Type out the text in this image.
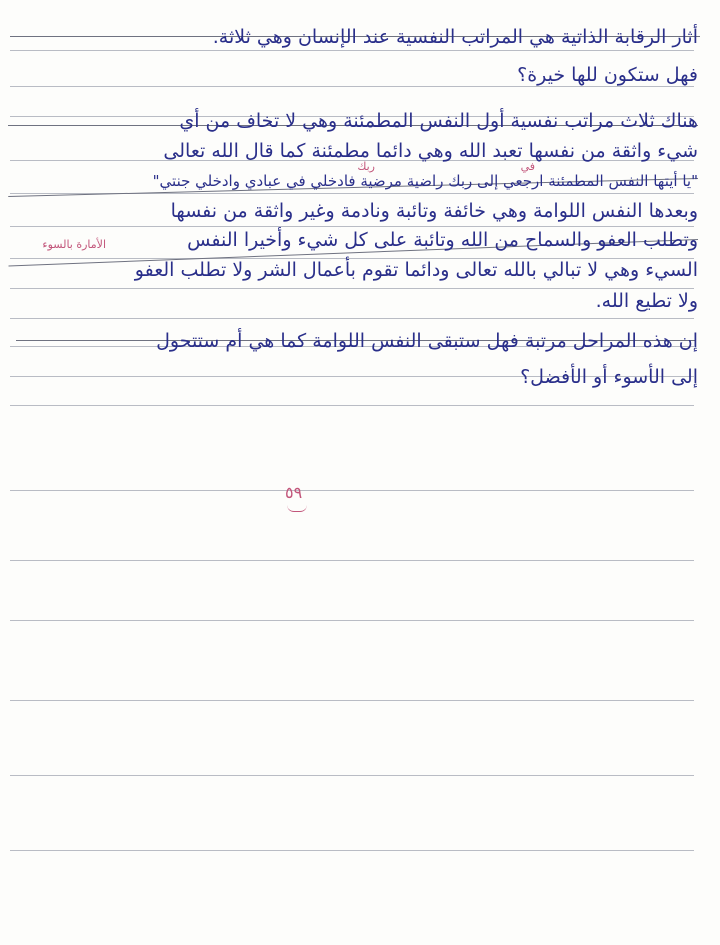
أثار الرقابة الذاتية هي المراتب النفسية عند الإنسان وهي ثلاثة.
فهل ستكون للها خيرة؟
هناك ثلاث مراتب نفسية أول النفس المطمئنة وهي لا تخاف من أي
شيء واثقة من نفسها تعبد الله وهي دائما مطمئنة كما قال الله تعالى
"يا أيتها النفس المطمئنة ارجعي إلى ربك راضية مرضية فادخلي في عبادي وادخلي جنتي"
وبعدها النفس اللوامة وهي خائفة وتائبة ونادمة وغير واثقة من نفسها
وتطلب العفو والسماح من الله وتائبة على كل شيء وأخيرا النفس
السيء وهي لا تبالي بالله تعالى ودائما تقوم بأعمال الشر ولا تطلب العفو
ولا تطيع الله.
إن هذه المراحل مرتبة فهل ستبقى النفس اللوامة كما هي أم ستتحول
إلى الأسوء أو الأفضل؟
ربك	في
الأمارة بالسوء
٥٩
